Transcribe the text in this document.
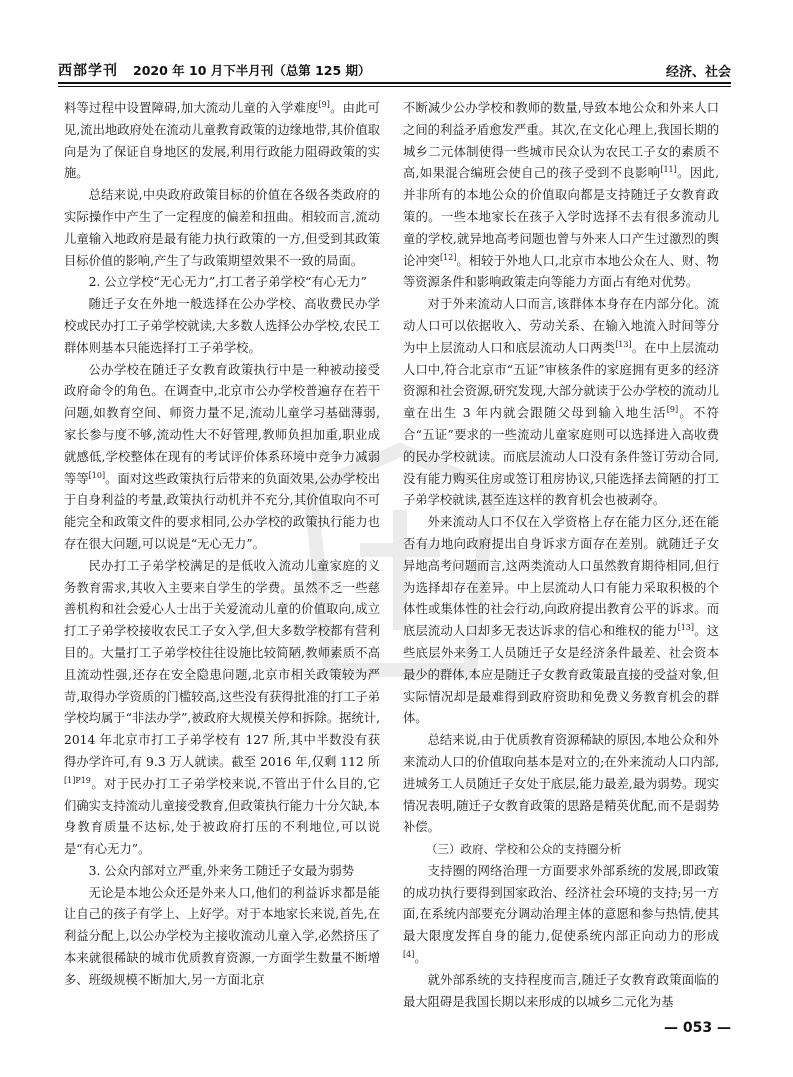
西部学刊 2020 年 10 月下半月刊（总第 125 期）	经济、社会

料等过程中设置障碍,加大流动儿童的入学难度[9]。由此可见,流出地政府处在流动儿童教育政策的边缘地带,其价值取向是为了保证自身地区的发展,利用行政能力阻碍政策的实施。

总结来说,中央政府政策目标的价值在各级各类政府的实际操作中产生了一定程度的偏差和扭曲。相较而言,流动儿童输入地政府是最有能力执行政策的一方,但受到其政策目标价值的影响,产生了与政策期望效果不一致的局面。

2. 公立学校“无心无力”,打工者子弟学校“有心无力”

随迁子女在外地一般选择在公办学校、高收费民办学校或民办打工子弟学校就读,大多数人选择公办学校,农民工群体则基本只能选择打工子弟学校。

公办学校在随迁子女教育政策执行中是一种被动接受政府命令的角色。在调查中,北京市公办学校普遍存在若干问题,如教育空间、师资力量不足,流动儿童学习基础薄弱,家长参与度不够,流动性大不好管理,教师负担加重,职业成就感低,学校整体在现有的考试评价体系环境中竞争力减弱等等[10]。面对这些政策执行后带来的负面效果,公办学校出于自身利益的考量,政策执行动机并不充分,其价值取向不可能完全和政策文件的要求相同,公办学校的政策执行能力也存在很大问题,可以说是“无心无力”。

民办打工子弟学校满足的是低收入流动儿童家庭的义务教育需求,其收入主要来自学生的学费。虽然不乏一些慈善机构和社会爱心人士出于关爱流动儿童的价值取向,成立打工子弟学校接收农民工子女入学,但大多数学校都有营利目的。大量打工子弟学校往往设施比较简陋,教师素质不高且流动性强,还存在安全隐患问题,北京市相关政策较为严苛,取得办学资质的门槛较高,这些没有获得批准的打工子弟学校均属于“非法办学”,被政府大规模关停和拆除。据统计,2014 年北京市打工子弟学校有 127 所,其中半数没有获得办学许可,有 9.3 万人就读。截至 2016 年,仅剩 112 所$^{[1]P19}$。对于民办打工子弟学校来说,不管出于什么目的,它们确实支持流动儿童接受教育,但政策执行能力十分欠缺,本身教育质量不达标,处于被政府打压的不利地位,可以说是“有心无力”。

3. 公众内部对立严重,外来务工随迁子女最为弱势

无论是本地公众还是外来人口,他们的利益诉求都是能让自己的孩子有学上、上好学。对于本地家长来说,首先,在利益分配上,以公办学校为主接收流动儿童入学,必然挤压了本来就很稀缺的城市优质教育资源,一方面学生数量不断增多、班级规模不断加大,另一方面北京

不断减少公办学校和教师的数量,导致本地公众和外来人口之间的利益矛盾愈发严重。其次,在文化心理上,我国长期的城乡二元体制使得一些城市民众认为农民工子女的素质不高,如果混合编班会使自己的孩子受到不良影响[11]。因此,并非所有的本地公众的价值取向都是支持随迁子女教育政策的。一些本地家长在孩子入学时选择不去有很多流动儿童的学校,就异地高考问题也曾与外来人口产生过激烈的舆论冲突[12]。相较于外地人口,北京市本地公众在人、财、物等资源条件和影响政策走向等能力方面占有绝对优势。

对于外来流动人口而言,该群体本身存在内部分化。流动人口可以依据收入、劳动关系、在输入地流入时间等分为中上层流动人口和底层流动人口两类[13]。在中上层流动人口中,符合北京市“五证”审核条件的家庭拥有更多的经济资源和社会资源,研究发现,大部分就读于公办学校的流动儿童在出生 3 年内就会跟随父母到输入地生活[9]。不符合“五证”要求的一些流动儿童家庭则可以选择进入高收费的民办学校就读。而底层流动人口没有条件签订劳动合同,没有能力购买住房或签订租房协议,只能选择去简陋的打工子弟学校就读,甚至连这样的教育机会也被剥夺。

外来流动人口不仅在入学资格上存在能力区分,还在能否有力地向政府提出自身诉求方面存在差别。就随迁子女异地高考问题而言,这两类流动人口虽然教育期待相同,但行为选择却存在差异。中上层流动人口有能力采取积极的个体性或集体性的社会行动,向政府提出教育公平的诉求。而底层流动人口却多无表达诉求的信心和维权的能力[13]。这些底层外来务工人员随迁子女是经济条件最差、社会资本最少的群体,本应是随迁子女教育政策最直接的受益对象,但实际情况却是最难得到政府资助和免费义务教育机会的群体。

总结来说,由于优质教育资源稀缺的原因,本地公众和外来流动人口的价值取向基本是对立的;在外来流动人口内部,进城务工人员随迁子女处于底层,能力最差,最为弱势。现实情况表明,随迁子女教育政策的思路是精英优配,而不是弱势补偿。

（三）政府、学校和公众的支持圈分析

支持圈的网络治理一方面要求外部系统的发展,即政策的成功执行要得到国家政治、经济社会环境的支持;另一方面,在系统内部要充分调动治理主体的意愿和参与热情,使其最大限度发挥自身的能力,促使系统内部正向动力的形成[4]。

就外部系统的支持程度而言,随迁子女教育政策面临的最大阻碍是我国长期以来形成的以城乡二元化为基

— 053 —
